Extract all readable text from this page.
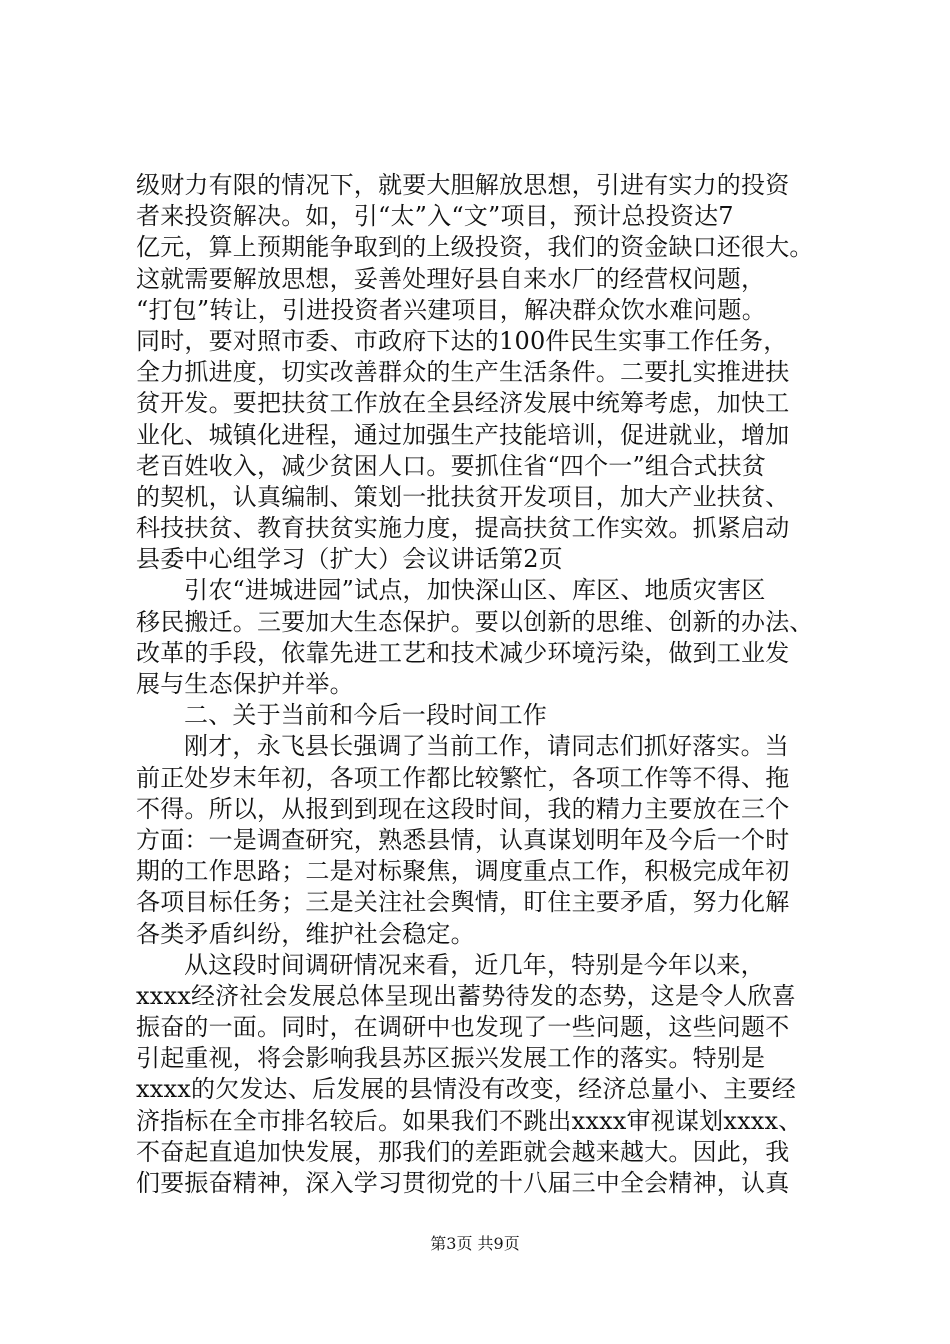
级财力有限的情况下，就要大胆解放思想，引进有实力的投资
者来投资解决。如，引“太”入“文”项目，预计总投资达7
亿元，算上预期能争取到的上级投资，我们的资金缺口还很大。
这就需要解放思想，妥善处理好县自来水厂的经营权问题，
“打包”转让，引进投资者兴建项目，解决群众饮水难问题。
同时，要对照市委、市政府下达的100件民生实事工作任务，
全力抓进度，切实改善群众的生产生活条件。二要扎实推进扶
贫开发。要把扶贫工作放在全县经济发展中统筹考虑，加快工
业化、城镇化进程，通过加强生产技能培训，促进就业，增加
老百姓收入，减少贫困人口。要抓住省“四个一”组合式扶贫
的契机，认真编制、策划一批扶贫开发项目，加大产业扶贫、
科技扶贫、教育扶贫实施力度，提高扶贫工作实效。抓紧启动
县委中心组学习（扩大）会议讲话第2页
引农“进城进园”试点，加快深山区、库区、地质灾害区
移民搬迁。三要加大生态保护。要以创新的思维、创新的办法、
改革的手段，依靠先进工艺和技术减少环境污染，做到工业发
展与生态保护并举。
二、关于当前和今后一段时间工作
刚才，永飞县长强调了当前工作，请同志们抓好落实。当
前正处岁末年初，各项工作都比较繁忙，各项工作等不得、拖
不得。所以，从报到到现在这段时间，我的精力主要放在三个
方面：一是调查研究，熟悉县情，认真谋划明年及今后一个时
期的工作思路；二是对标聚焦，调度重点工作，积极完成年初
各项目标任务；三是关注社会舆情，盯住主要矛盾，努力化解
各类矛盾纠纷，维护社会稳定。
从这段时间调研情况来看，近几年，特别是今年以来，
xxxx经济社会发展总体呈现出蓄势待发的态势，这是令人欣喜
振奋的一面。同时，在调研中也发现了一些问题，这些问题不
引起重视，将会影响我县苏区振兴发展工作的落实。特别是
xxxx的欠发达、后发展的县情没有改变，经济总量小、主要经
济指标在全市排名较后。如果我们不跳出xxxx审视谋划xxxx、
不奋起直追加快发展，那我们的差距就会越来越大。因此，我
们要振奋精神，深入学习贯彻党的十八届三中全会精神，认真
第3页 共9页
